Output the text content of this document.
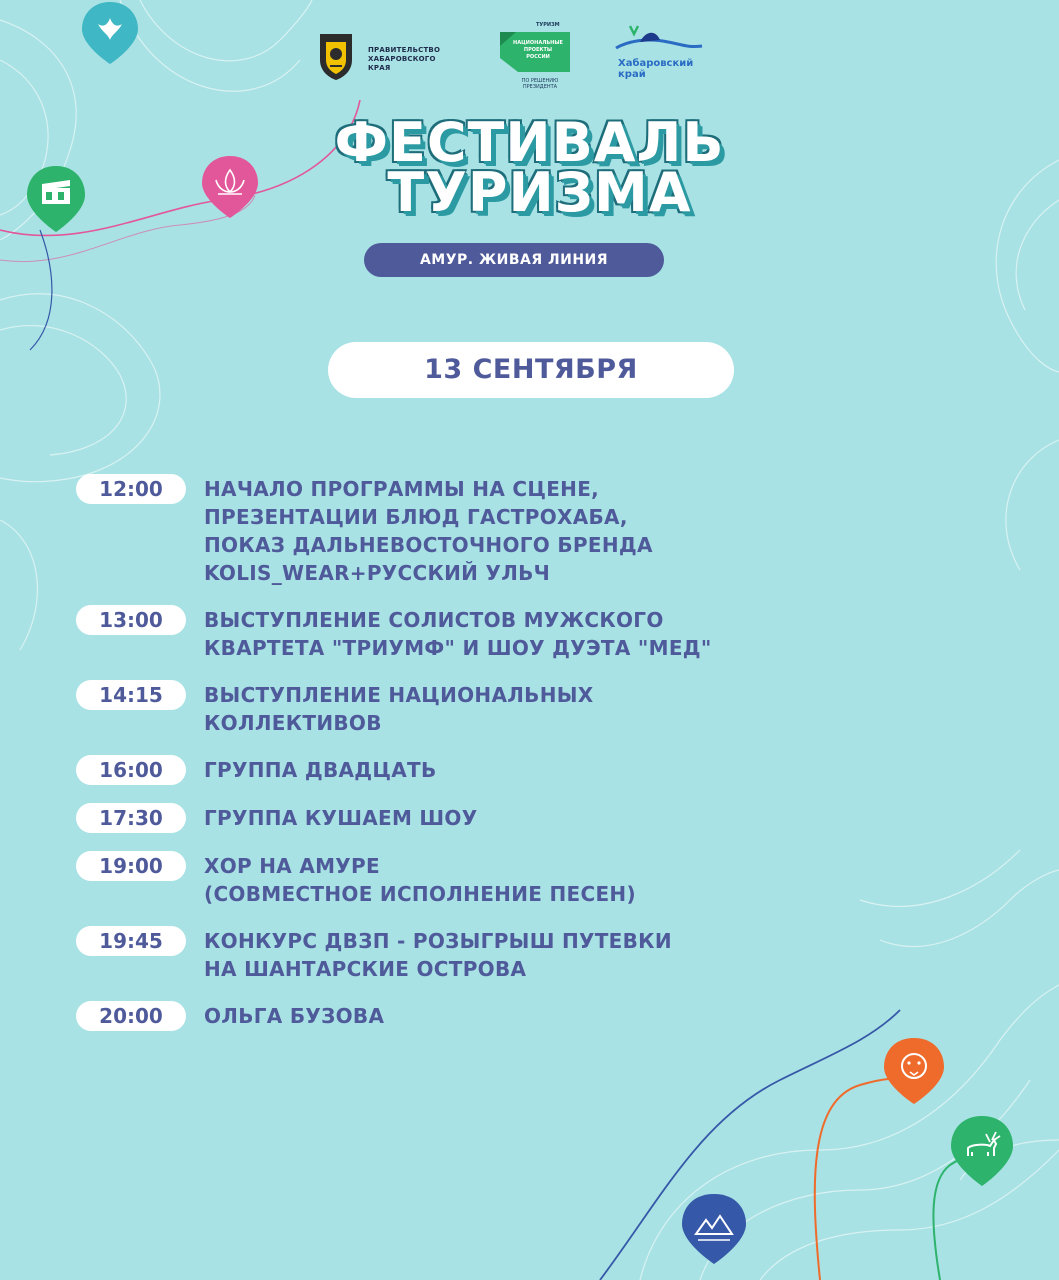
ПРАВИТЕЛЬСТВО
ХАБАРОВСКОГО
КРАЯ
ТУРИЗМ
НАЦИОНАЛЬНЫЕ
ПРОЕКТЫ
РОССИИ
ПО РЕШЕНИЮ
ПРЕЗИДЕНТА
Хабаровский
край
ФЕСТИВАЛЬ
ТУРИЗМА
АМУР. ЖИВАЯ ЛИНИЯ
13 СЕНТЯБРЯ
12:00	НАЧАЛО ПРОГРАММЫ НА СЦЕНЕ,
ПРЕЗЕНТАЦИИ БЛЮД ГАСТРОХАБА,
ПОКАЗ ДАЛЬНЕВОСТОЧНОГО БРЕНДА
KOLIS_WEAR+РУССКИЙ УЛЬЧ
13:00	ВЫСТУПЛЕНИЕ СОЛИСТОВ МУЖСКОГО
КВАРТЕТА "ТРИУМФ" И ШОУ ДУЭТА "МЕД"
14:15	ВЫСТУПЛЕНИЕ НАЦИОНАЛЬНЫХ
КОЛЛЕКТИВОВ
16:00	ГРУППА ДВАДЦАТЬ
17:30	ГРУППА КУШАЕМ ШОУ
19:00	ХОР НА АМУРЕ
(СОВМЕСТНОЕ ИСПОЛНЕНИЕ ПЕСЕН)
19:45	КОНКУРС ДВЗП - РОЗЫГРЫШ ПУТЕВКИ
НА ШАНТАРСКИЕ ОСТРОВА
20:00	ОЛЬГА БУЗОВА
